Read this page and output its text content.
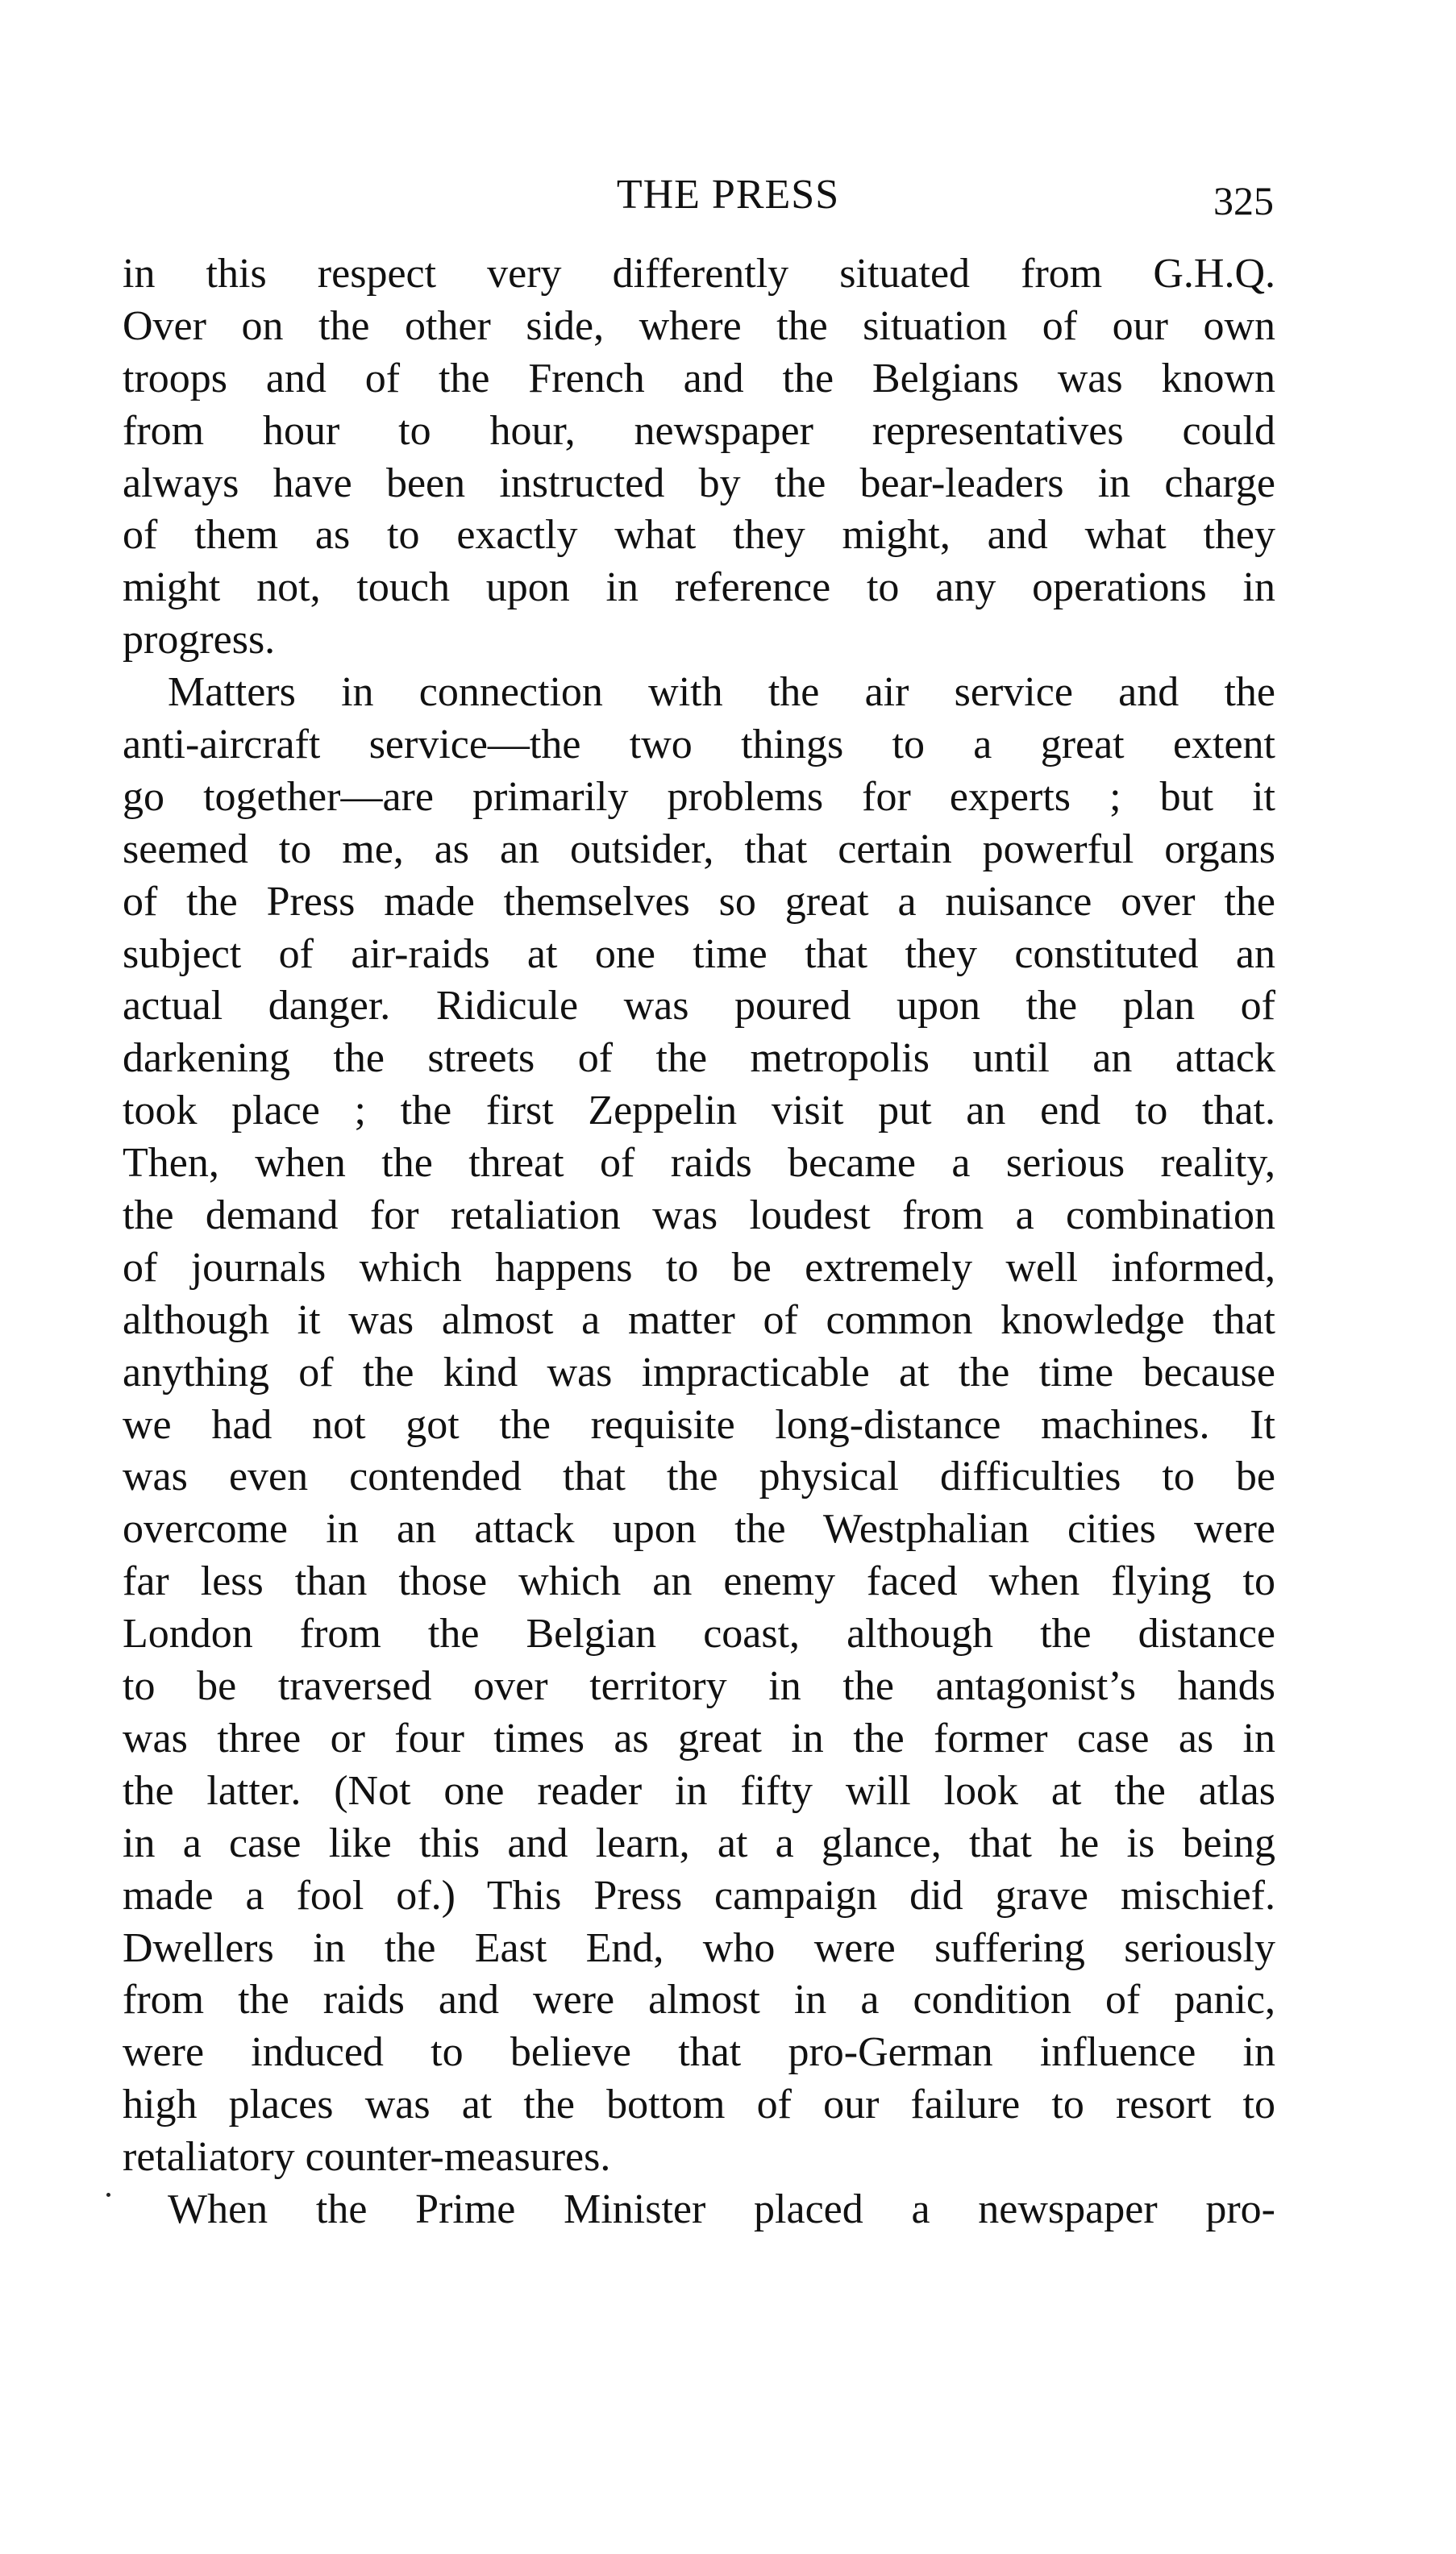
THE PRESS	325
in this respect very differently situated from G.H.Q.
Over on the other side, where the situation of our own
troops and of the French and the Belgians was known
from hour to hour, newspaper representatives could
always have been instructed by the bear-leaders in charge
of them as to exactly what they might, and what they
might not, touch upon in reference to any operations in
progress.
Matters in connection with the air service and the
anti-aircraft service—the two things to a great extent
go together—are primarily problems for experts ; but it
seemed to me, as an outsider, that certain powerful organs
of the Press made themselves so great a nuisance over the
subject of air-raids at one time that they constituted an
actual danger. Ridicule was poured upon the plan of
darkening the streets of the metropolis until an attack
took place ; the first Zeppelin visit put an end to that.
Then, when the threat of raids became a serious reality,
the demand for retaliation was loudest from a combination
of journals which happens to be extremely well informed,
although it was almost a matter of common knowledge that
anything of the kind was impracticable at the time because
we had not got the requisite long-distance machines. It
was even contended that the physical difficulties to be
overcome in an attack upon the Westphalian cities were
far less than those which an enemy faced when flying to
London from the Belgian coast, although the distance
to be traversed over territory in the antagonist’s hands
was three or four times as great in the former case as in
the latter. (Not one reader in fifty will look at the atlas
in a case like this and learn, at a glance, that he is being
made a fool of.) This Press campaign did grave mischief.
Dwellers in the East End, who were suffering seriously
from the raids and were almost in a condition of panic,
were induced to believe that pro-German influence in
high places was at the bottom of our failure to resort to
retaliatory counter-measures.
When the Prime Minister placed a newspaper pro-
